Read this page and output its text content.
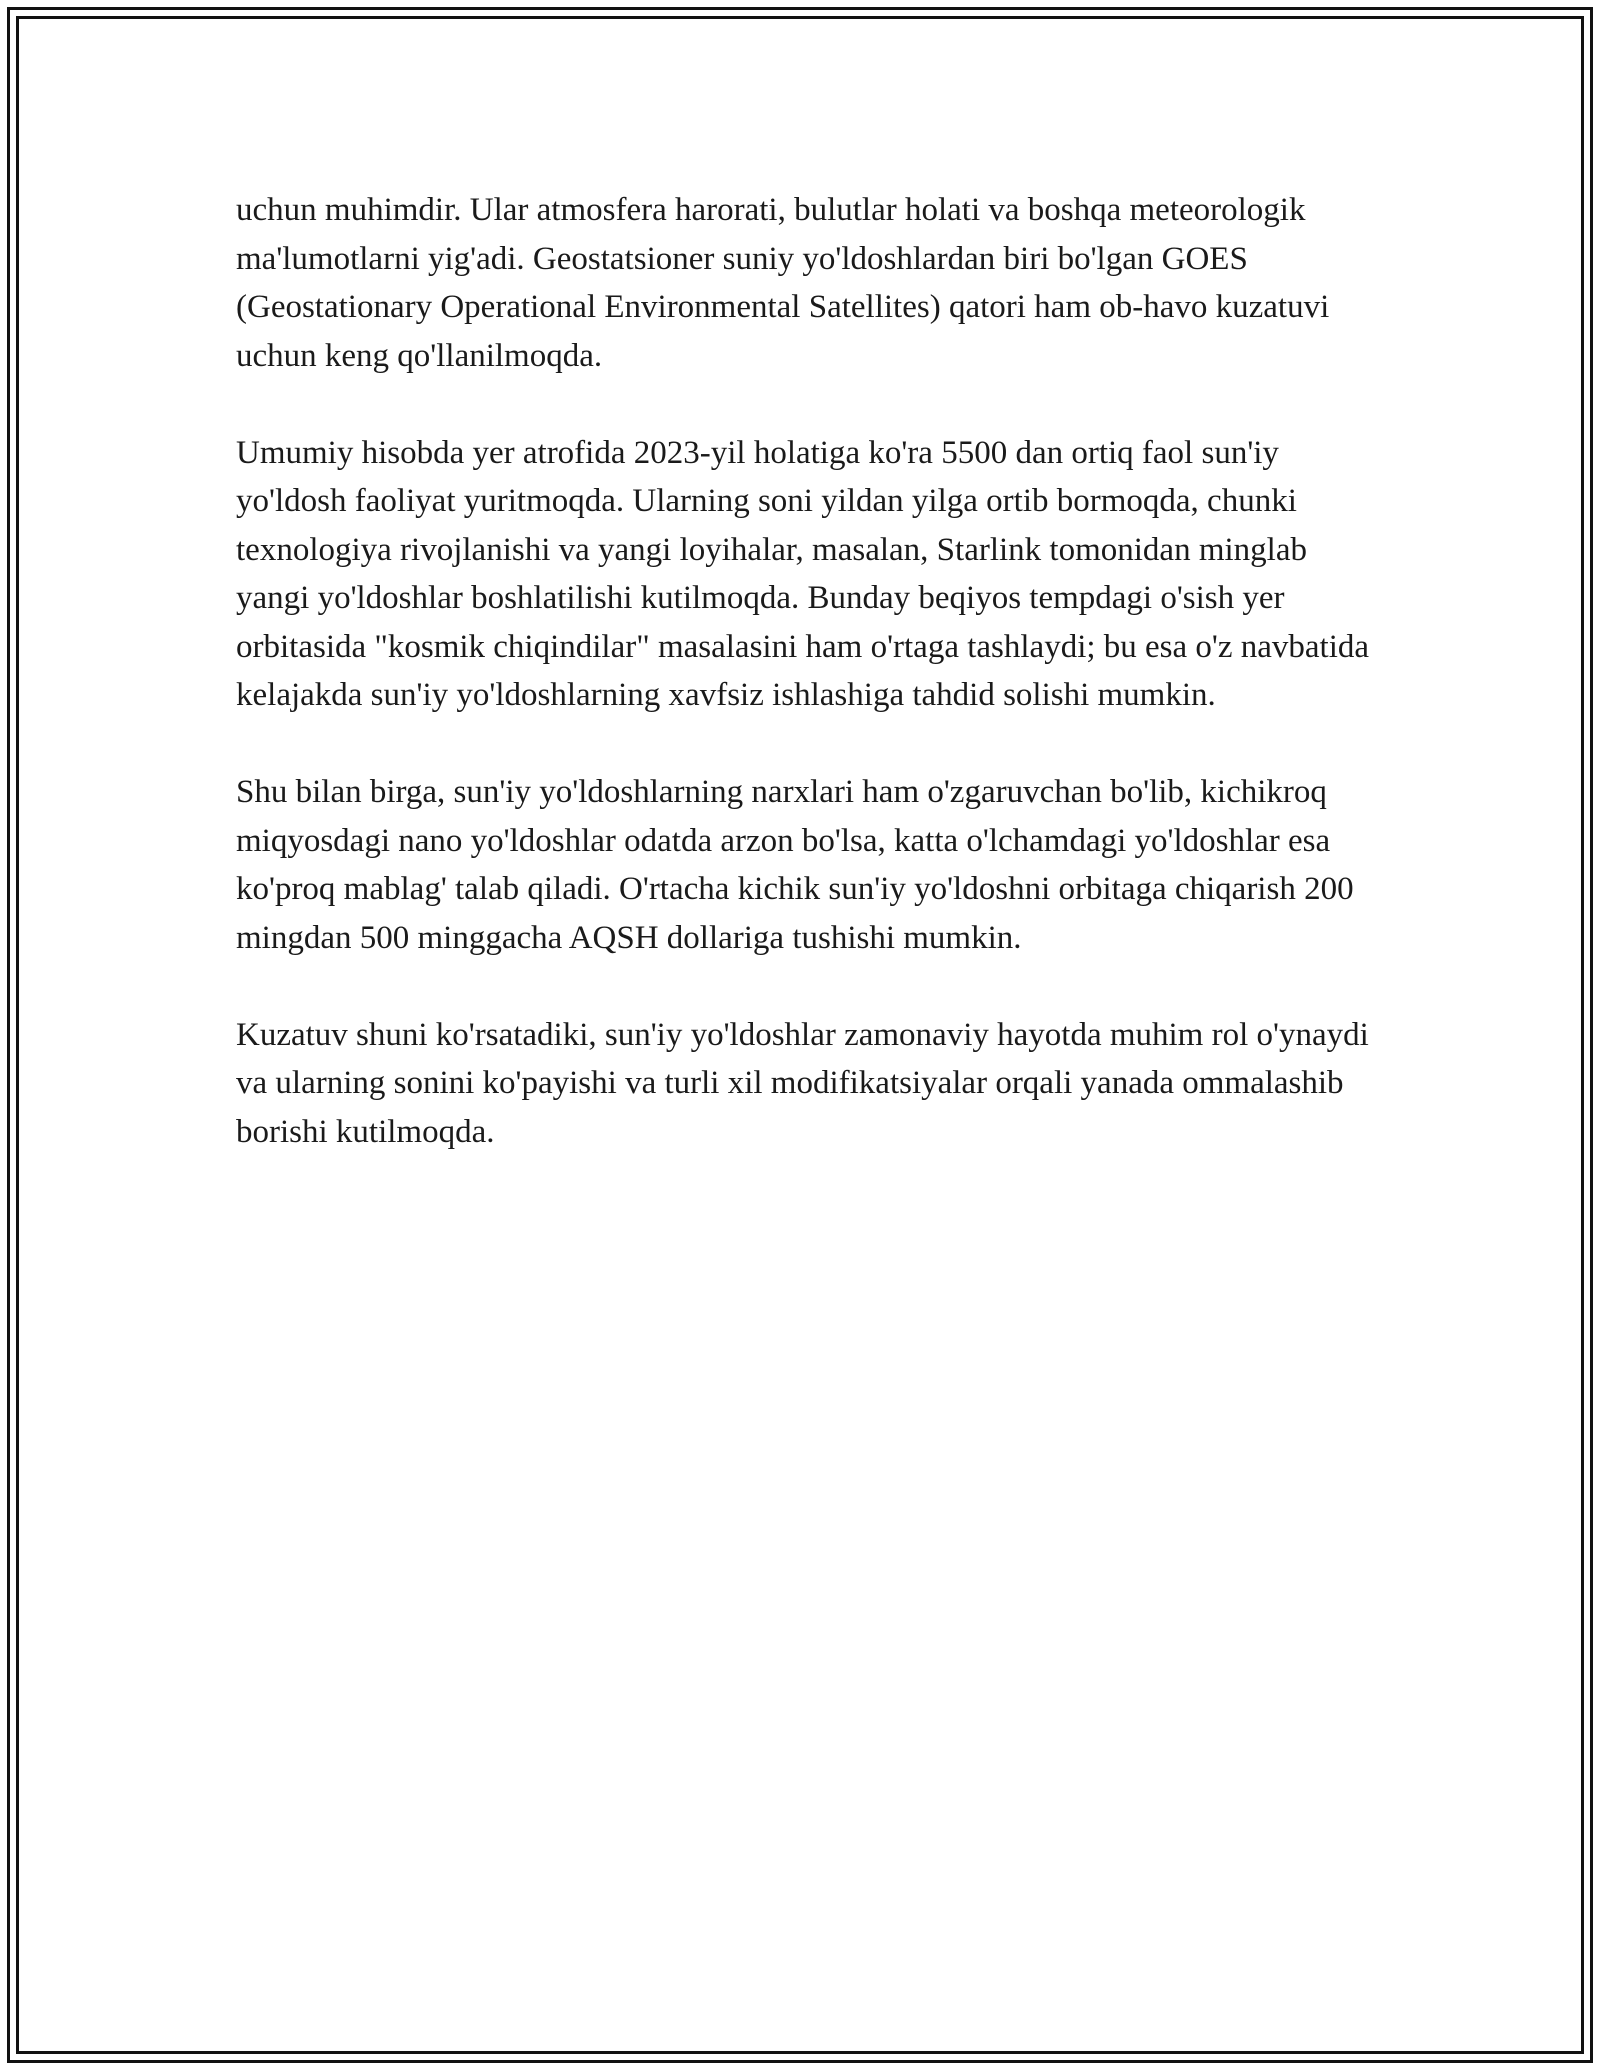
uchun muhimdir. Ular atmosfera harorati, bulutlar holati va boshqa meteorologik ma'lumotlarni yig'adi. Geostatsioner suniy yo'ldoshlardan biri bo'lgan GOES (Geostationary Operational Environmental Satellites) qatori ham ob-havo kuzatuvi uchun keng qo'llanilmoqda.

Umumiy hisobda yer atrofida 2023-yil holatiga ko'ra 5500 dan ortiq faol sun'iy yo'ldosh faoliyat yuritmoqda. Ularning soni yildan yilga ortib bormoqda, chunki texnologiya rivojlanishi va yangi loyihalar, masalan, Starlink tomonidan minglab yangi yo'ldoshlar boshlatilishi kutilmoqda. Bunday beqiyos tempdagi o'sish yer orbitasida "kosmik chiqindilar" masalasini ham o'rtaga tashlaydi; bu esa o'z navbatida kelajakda sun'iy yo'ldoshlarning xavfsiz ishlashiga tahdid solishi mumkin.

Shu bilan birga, sun'iy yo'ldoshlarning narxlari ham o'zgaruvchan bo'lib, kichikroq miqyosdagi nano yo'ldoshlar odatda arzon bo'lsa, katta o'lchamdagi yo'ldoshlar esa ko'proq mablag' talab qiladi. O'rtacha kichik sun'iy yo'ldoshni orbitaga chiqarish 200 mingdan 500 minggacha AQSH dollariga tushishi mumkin.

Kuzatuv shuni ko'rsatadiki, sun'iy yo'ldoshlar zamonaviy hayotda muhim rol o'ynaydi va ularning sonini ko'payishi va turli xil modifikatsiyalar orqali yanada ommalashib borishi kutilmoqda.
